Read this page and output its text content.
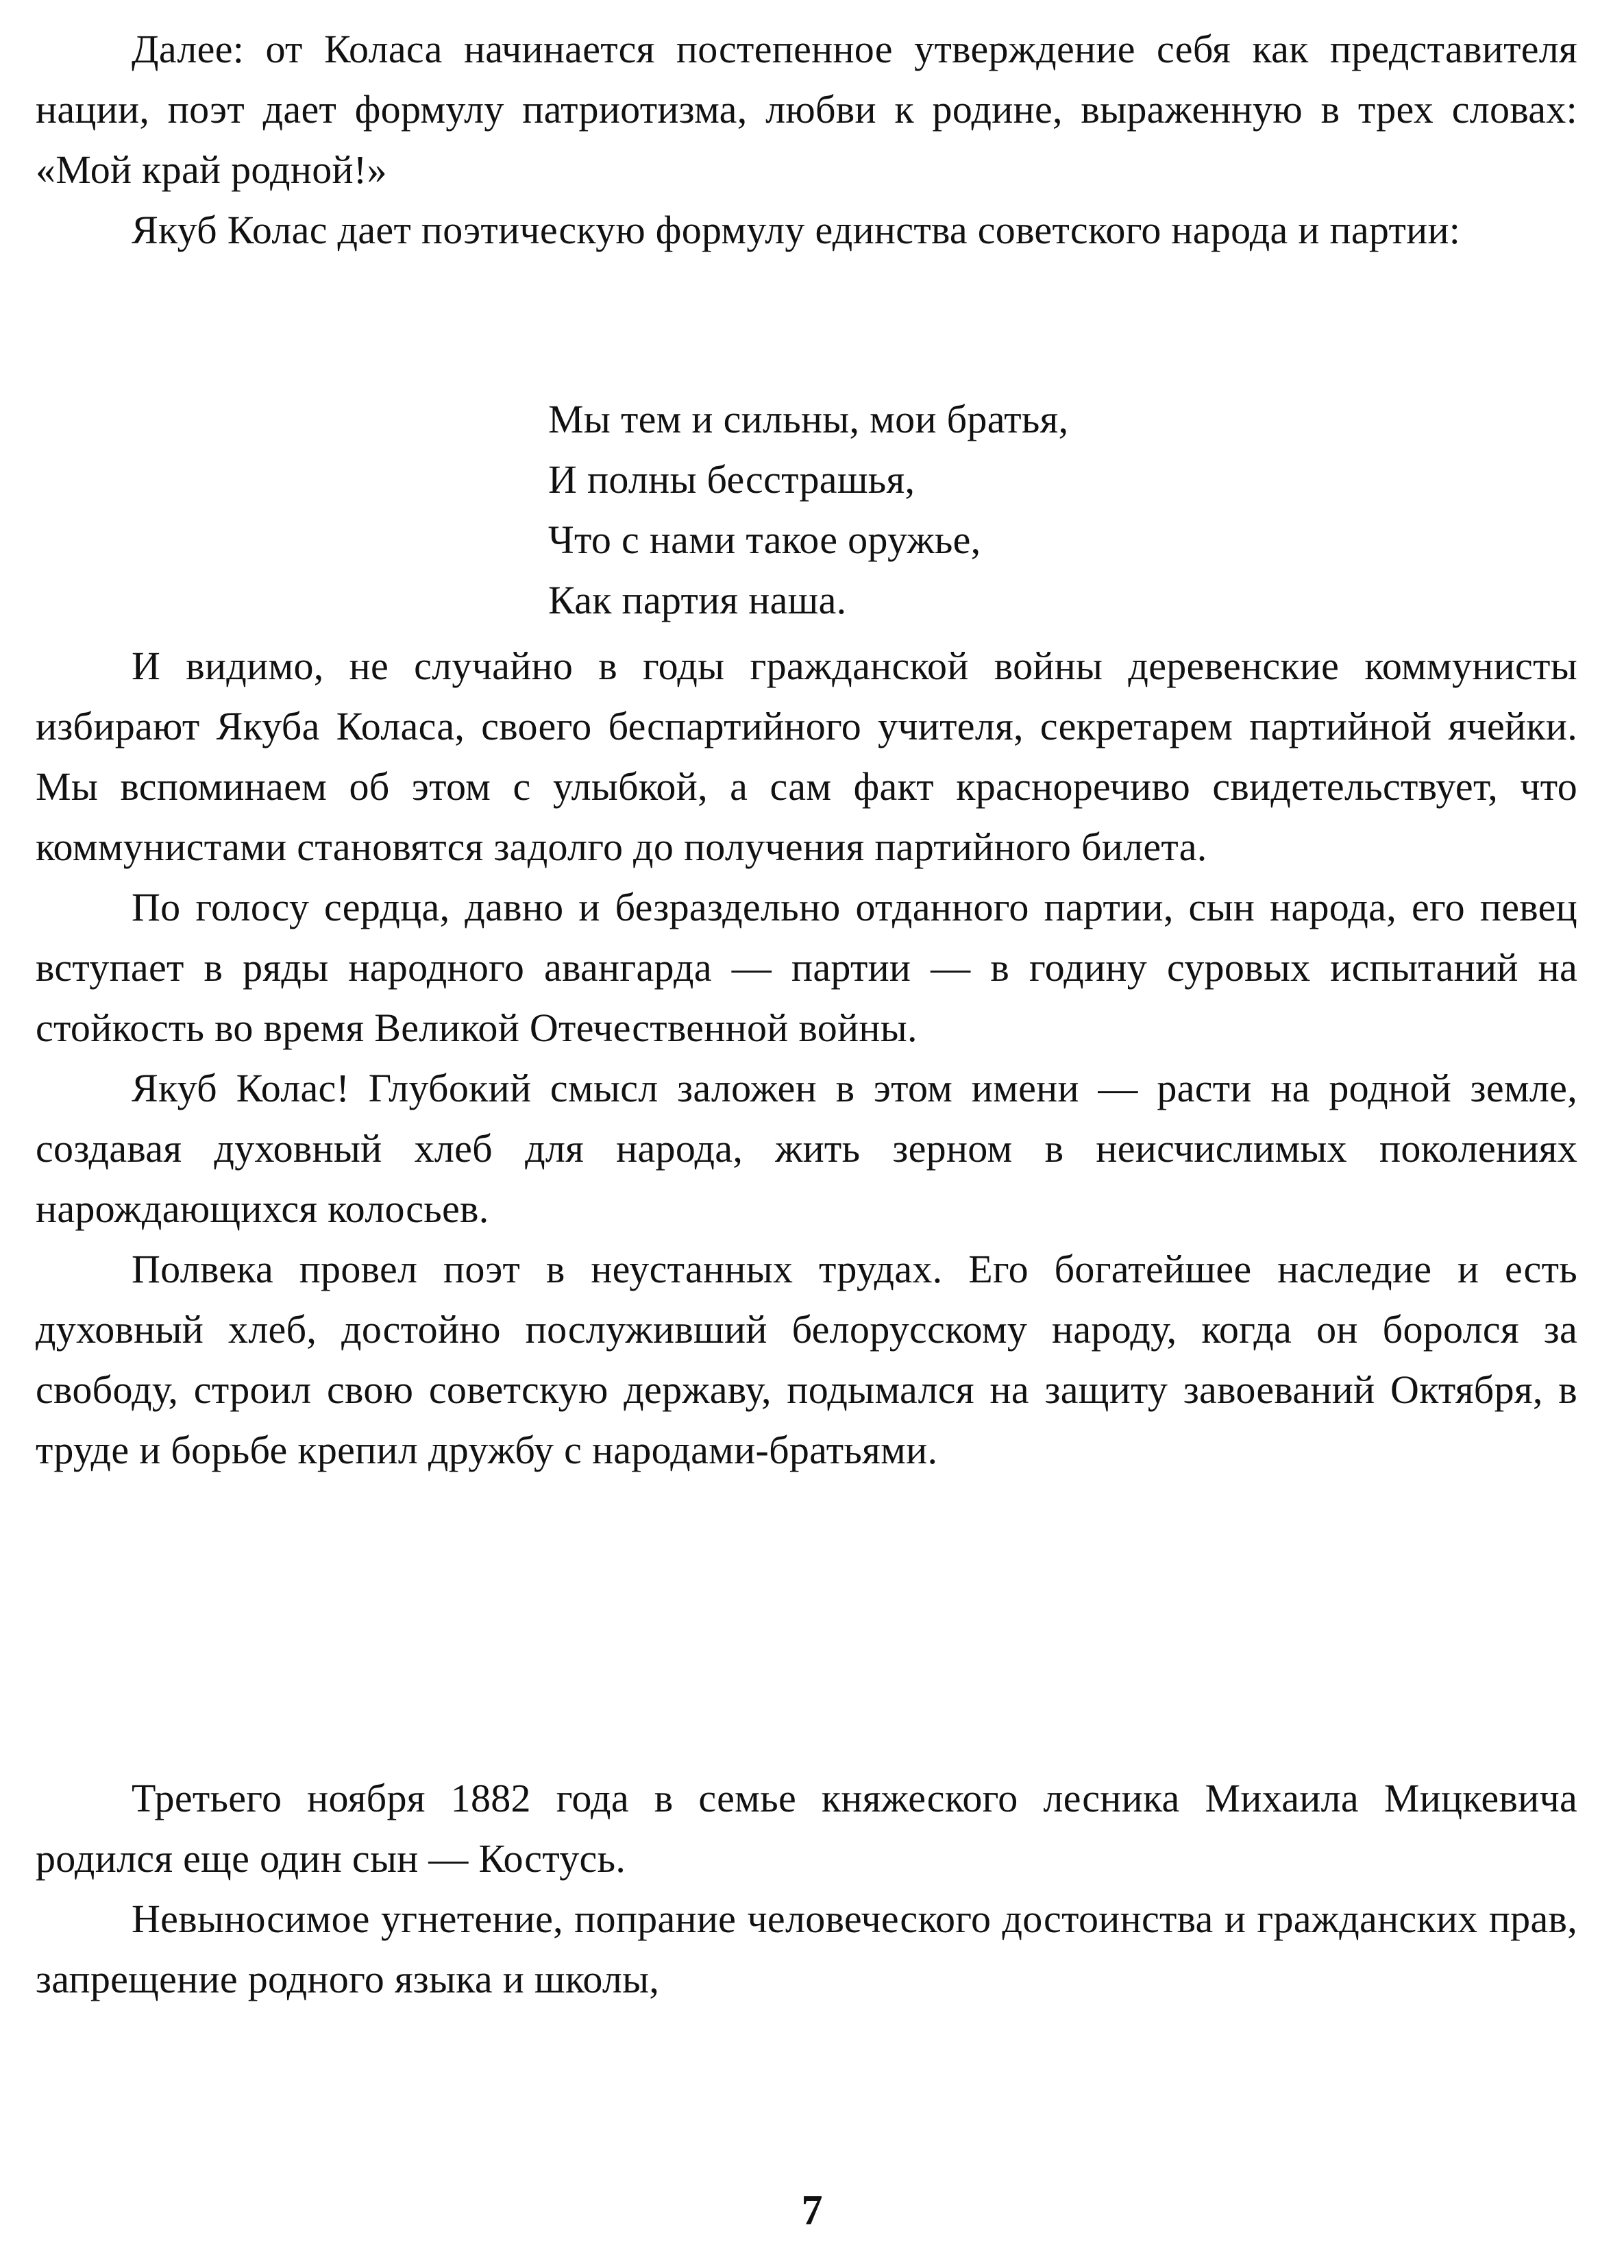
Далее: от Коласа начинается постепенное утверждение себя как представителя нации, поэт дает формулу патриотизма, любви к родине, выраженную в трех словах: «Мой край родной!»

Якуб Колас дает поэтическую формулу единства советского народа и партии:

Мы тем и сильны, мои братья,
И полны бесстрашья,
Что с нами такое оружье,
Как партия наша.

И видимо, не случайно в годы гражданской войны деревенские коммунисты избирают Якуба Коласа, своего беспартийного учителя, секретарем партийной ячейки. Мы вспоминаем об этом с улыбкой, а сам факт красноречиво свидетельствует, что коммунистами становятся задолго до получения партийного билета.

По голосу сердца, давно и безраздельно отданного партии, сын народа, его певец вступает в ряды народного авангарда — партии — в годину суровых испытаний на стойкость во время Великой Отечественной войны.

Якуб Колас! Глубокий смысл заложен в этом имени — расти на родной земле, создавая духовный хлеб для народа, жить зерном в неисчислимых поколениях нарождающихся колосьев.

Полвека провел поэт в неустанных трудах. Его богатейшее наследие и есть духовный хлеб, достойно послуживший белорусскому народу, когда он боролся за свободу, строил свою советскую державу, подымался на защиту завоеваний Октября, в труде и борьбе крепил дружбу с народами-братьями.

Третьего ноября 1882 года в семье княжеского лесника Михаила Мицкевича родился еще один сын — Костусь.

Невыносимое угнетение, попрание человеческого достоинства и гражданских прав, запрещение родного языка и школы,

7
